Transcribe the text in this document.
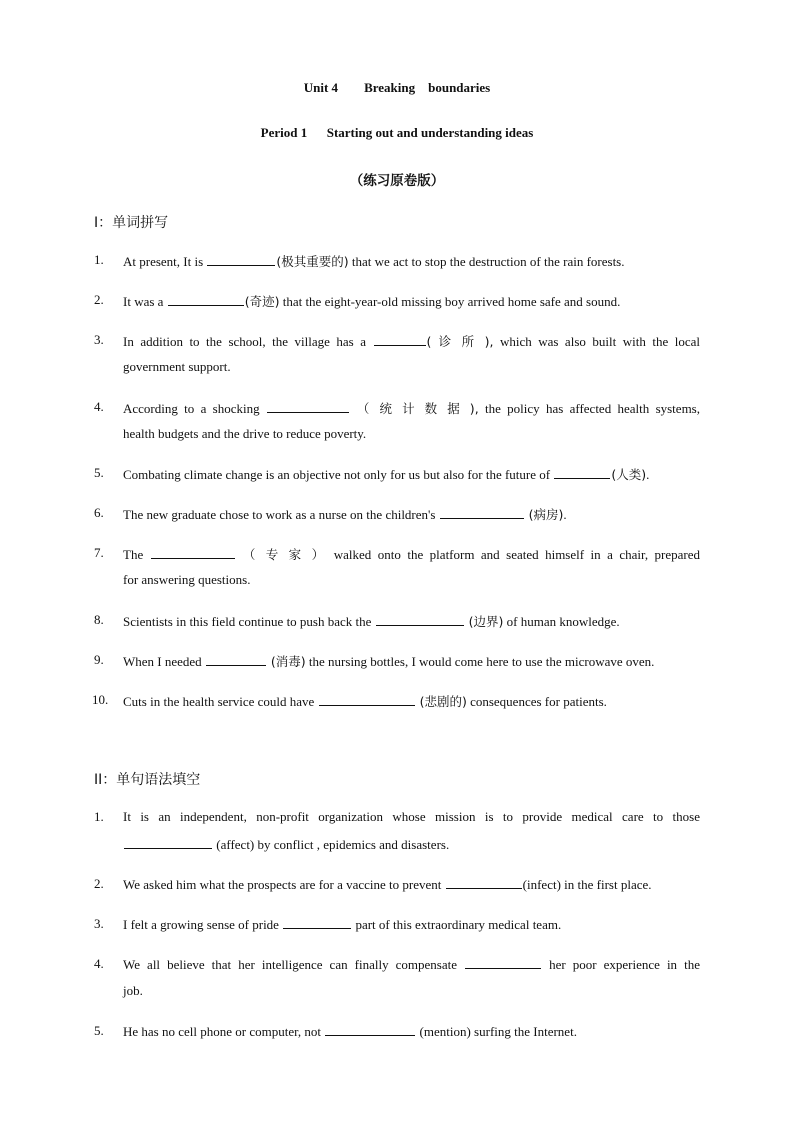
Unit 4 Breaking    boundaries
Period 1 Starting out and understanding ideas
（练习原卷版）
I：单词拼写
1. At present, It is	(极其重要的) that we act to stop the destruction of the rain forests.
2. It was a	(奇迹) that the eight-year-old missing boy arrived home safe and sound.
3. In addition to the school, the village has a	( 诊 所 ), which was also built with the local
government support.
4. According to a shocking	（ 统 计 数 据 ), the policy has affected health systems,
health budgets and the drive to reduce poverty.
5. Combating climate change is an objective not only for us but also for the future of	(人类).
6. The new graduate chose to work as a nurse on the children's	(病房).
7. The	（ 专 家 ） walked onto the platform and seated himself in a chair, prepared
for answering questions.
8. Scientists in this field continue to push back the	(边界) of human knowledge.
9. When I needed	(消毒) the nursing bottles, I would come here to use the microwave oven.
10. Cuts in the health service could have	(悲剧的) consequences for patients.
II：单句语法填空
1. It is an independent, non-profit organization whose mission is to provide medical care to those
(affect) by conflict , epidemics and disasters.
2. We asked him what the prospects are for a vaccine to prevent	(infect) in the first place.
3. I felt a growing sense of pride	part of this extraordinary medical team.
4. We all believe that her intelligence can finally compensate	her poor experience in the
job.
5. He has no cell phone or computer, not	(mention) surfing the Internet.
